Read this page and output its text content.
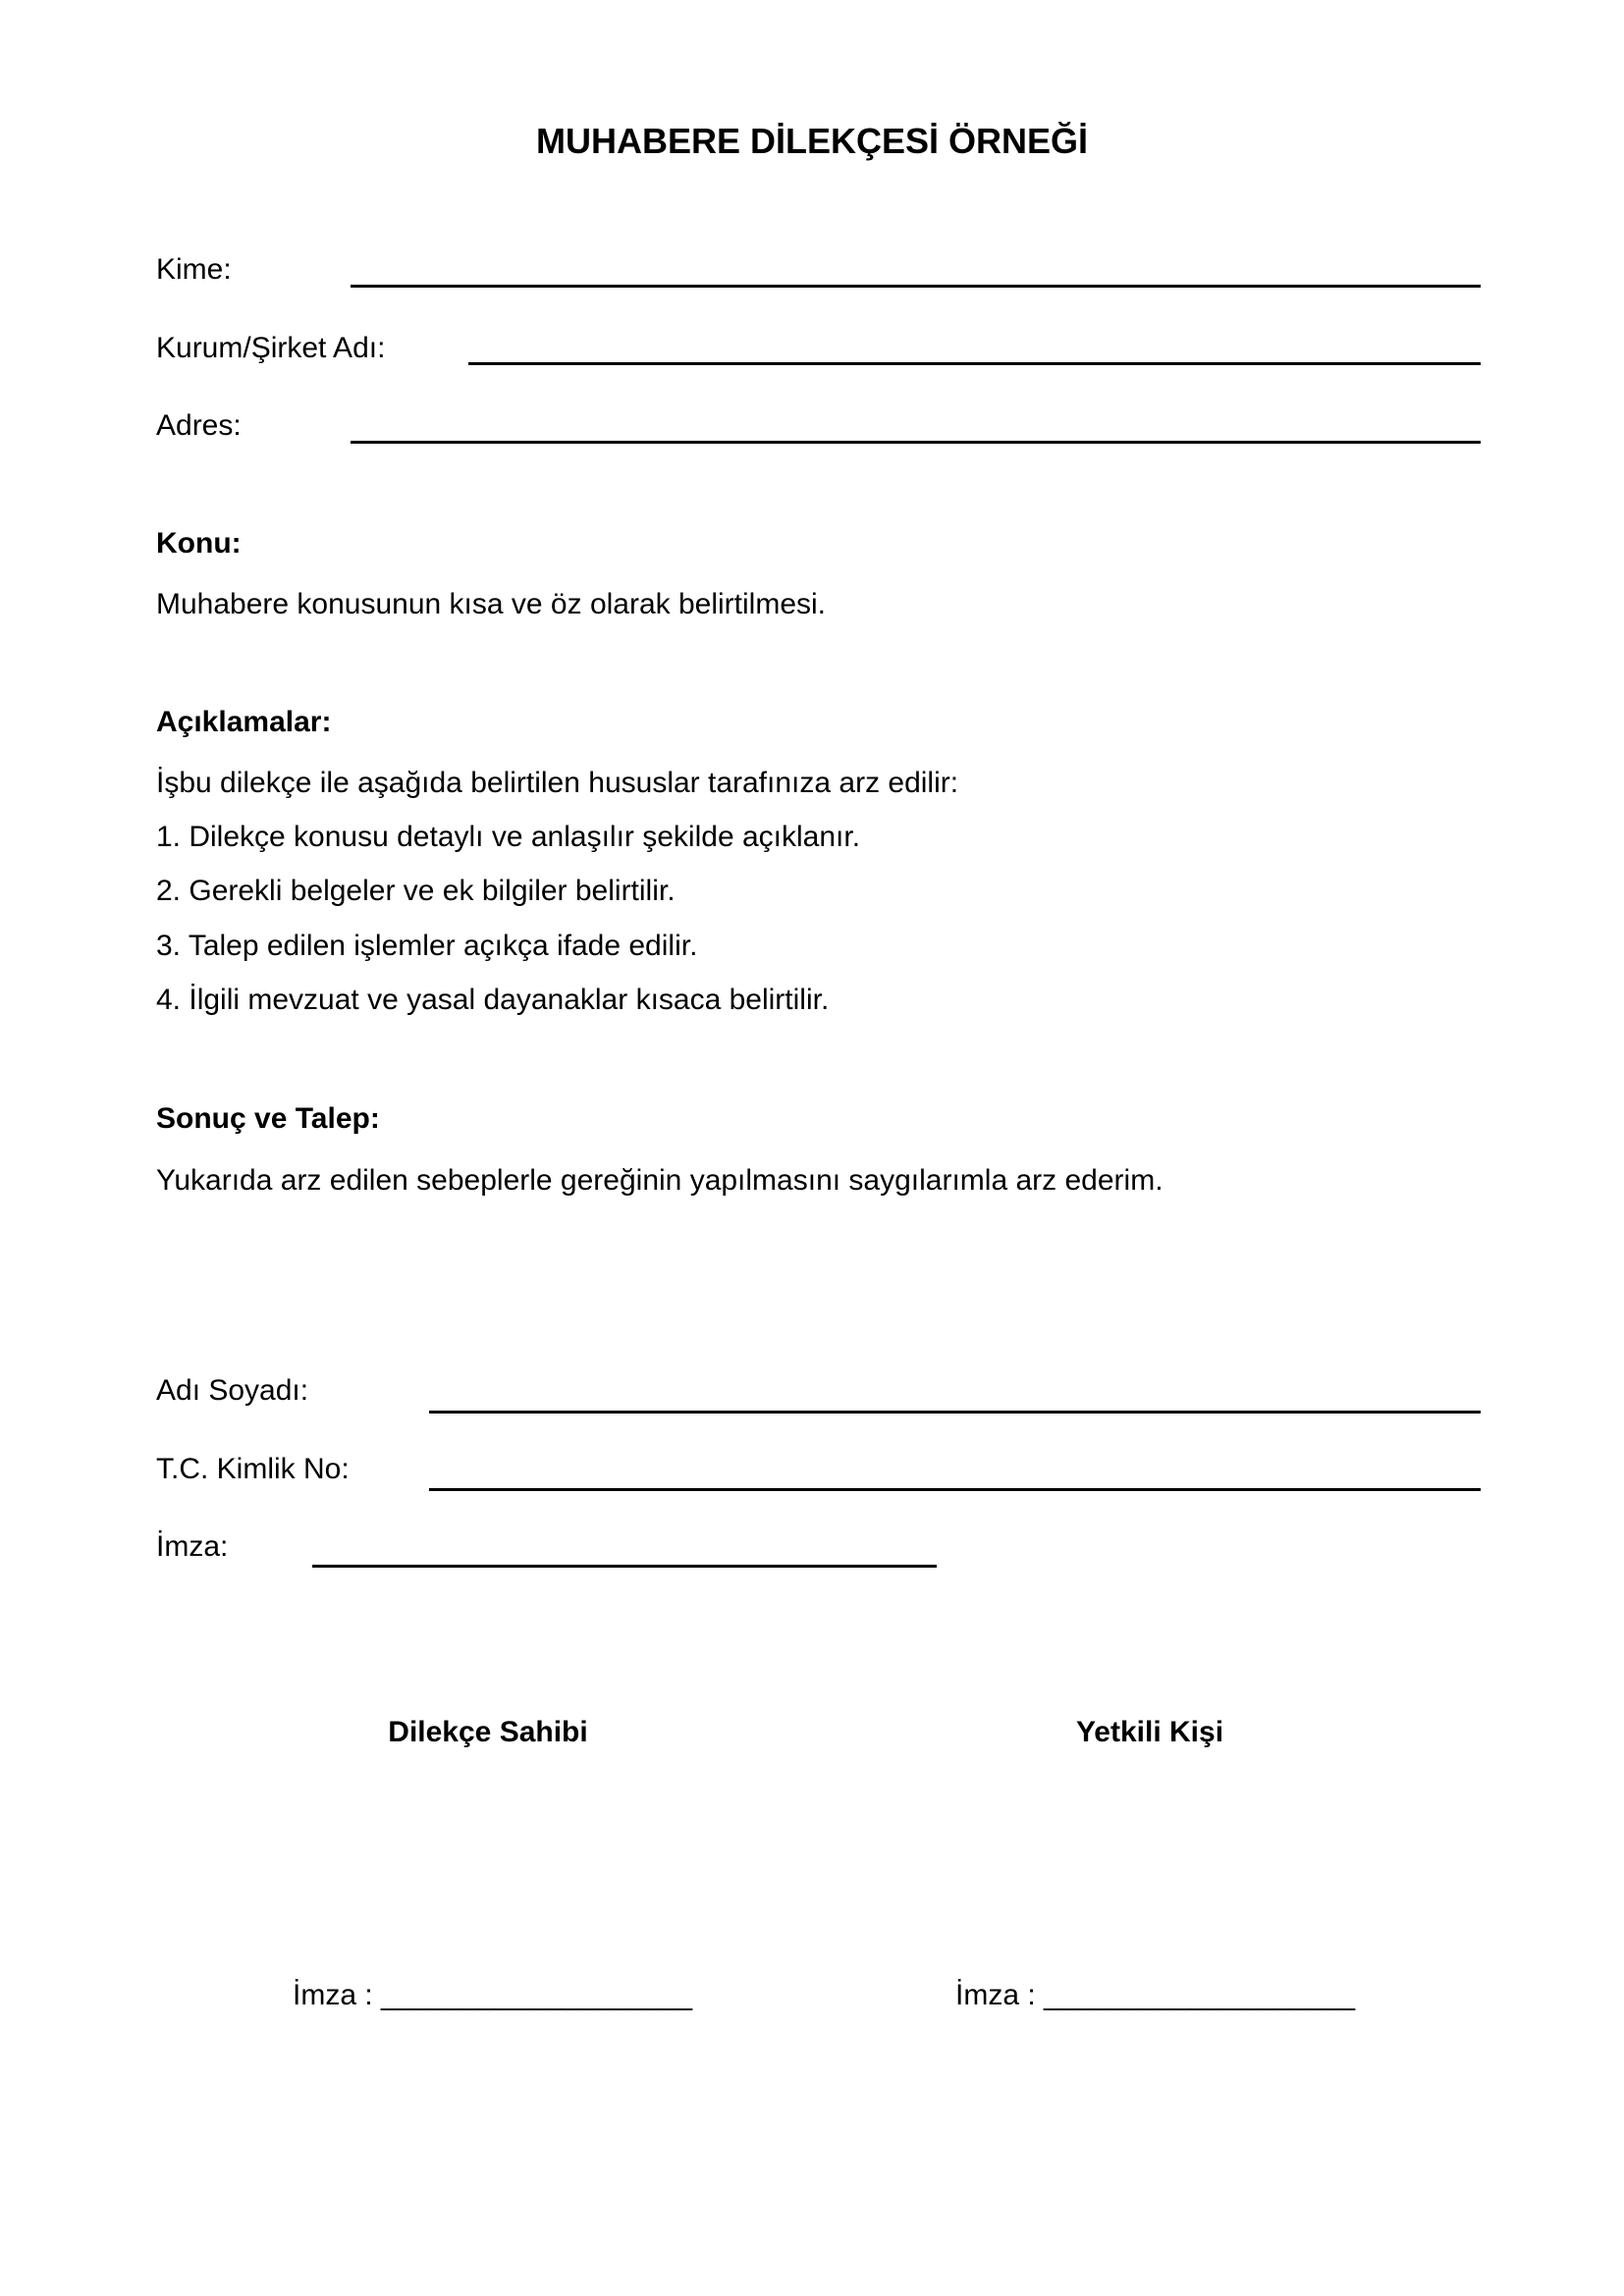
MUHABERE DİLEKÇESİ ÖRNEĞİ
Kime:
Kurum/Şirket Adı:
Adres:
Konu:
Muhabere konusunun kısa ve öz olarak belirtilmesi.
Açıklamalar:
İşbu dilekçe ile aşağıda belirtilen hususlar tarafınıza arz edilir:
1. Dilekçe konusu detaylı ve anlaşılır şekilde açıklanır.
2. Gerekli belgeler ve ek bilgiler belirtilir.
3. Talep edilen işlemler açıkça ifade edilir.
4. İlgili mevzuat ve yasal dayanaklar kısaca belirtilir.
Sonuç ve Talep:
Yukarıda arz edilen sebeplerle gereğinin yapılmasını saygılarımla arz ederim.
Adı Soyadı:
T.C. Kimlik No:
İmza:
Dilekçe Sahibi	Yetkili Kişi
İmza : ___________________	İmza : ___________________
